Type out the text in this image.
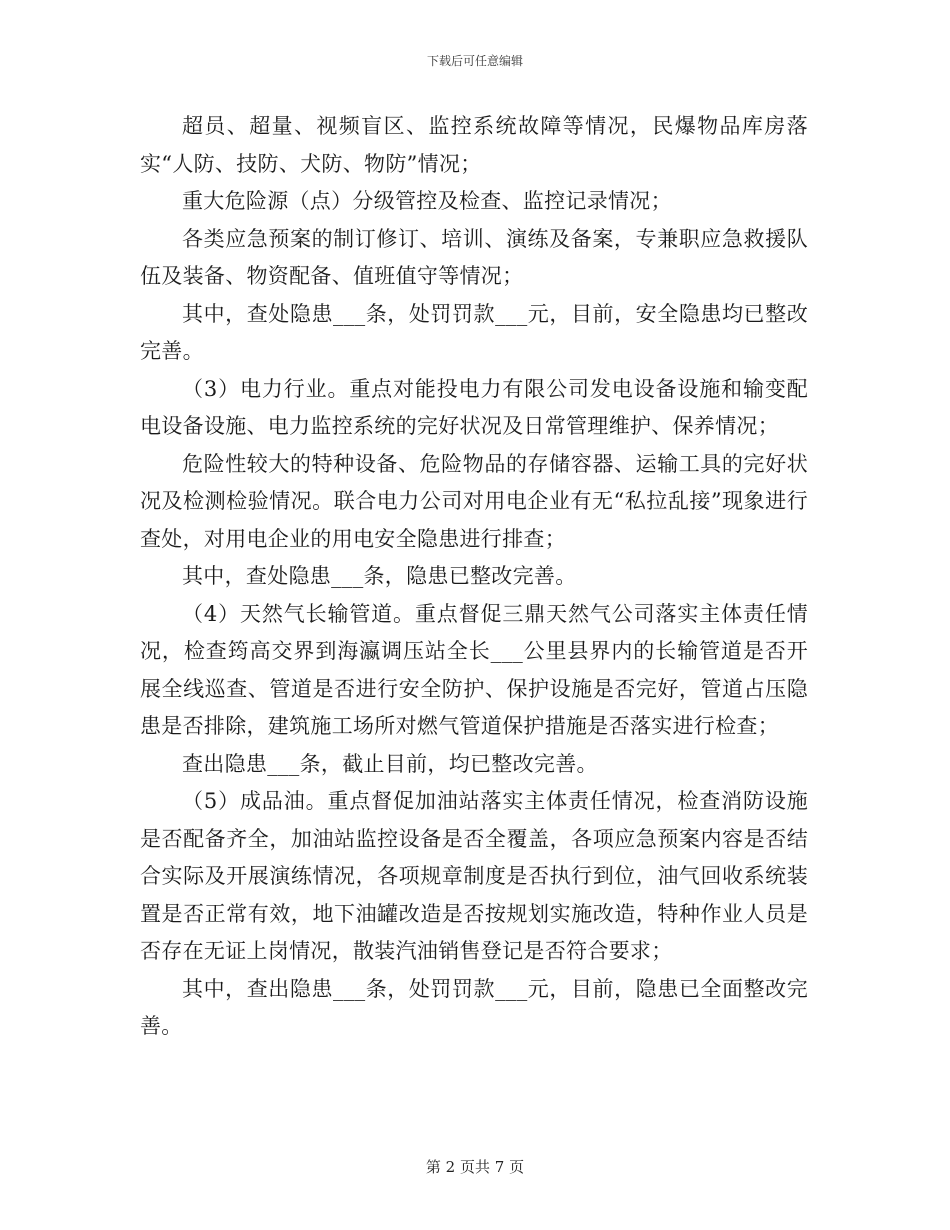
下载后可任意编辑

超员、超量、视频盲区、监控系统故障等情况，民爆物品库房落实“人防、技防、犬防、物防”情况；

重大危险源（点）分级管控及检查、监控记录情况；

各类应急预案的制订修订、培训、演练及备案，专兼职应急救援队伍及装备、物资配备、值班值守等情况；

其中，查处隐患___条，处罚罚款___元，目前，安全隐患均已整改完善。

（3）电力行业。重点对能投电力有限公司发电设备设施和输变配电设备设施、电力监控系统的完好状况及日常管理维护、保养情况；

危险性较大的特种设备、危险物品的存储容器、运输工具的完好状况及检测检验情况。联合电力公司对用电企业有无“私拉乱接”现象进行查处，对用电企业的用电安全隐患进行排查；

其中，查处隐患___条，隐患已整改完善。

（4）天然气长输管道。重点督促三鼎天然气公司落实主体责任情况，检查筠高交界到海瀛调压站全长___公里县界内的长输管道是否开展全线巡查、管道是否进行安全防护、保护设施是否完好，管道占压隐患是否排除，建筑施工场所对燃气管道保护措施是否落实进行检查；

查出隐患___条，截止目前，均已整改完善。

（5）成品油。重点督促加油站落实主体责任情况，检查消防设施是否配备齐全，加油站监控设备是否全覆盖，各项应急预案内容是否结合实际及开展演练情况，各项规章制度是否执行到位，油气回收系统装置是否正常有效，地下油罐改造是否按规划实施改造，特种作业人员是否存在无证上岗情况，散装汽油销售登记是否符合要求；

其中，查出隐患___条，处罚罚款___元，目前，隐患已全面整改完善。

第 2 页共 7 页
